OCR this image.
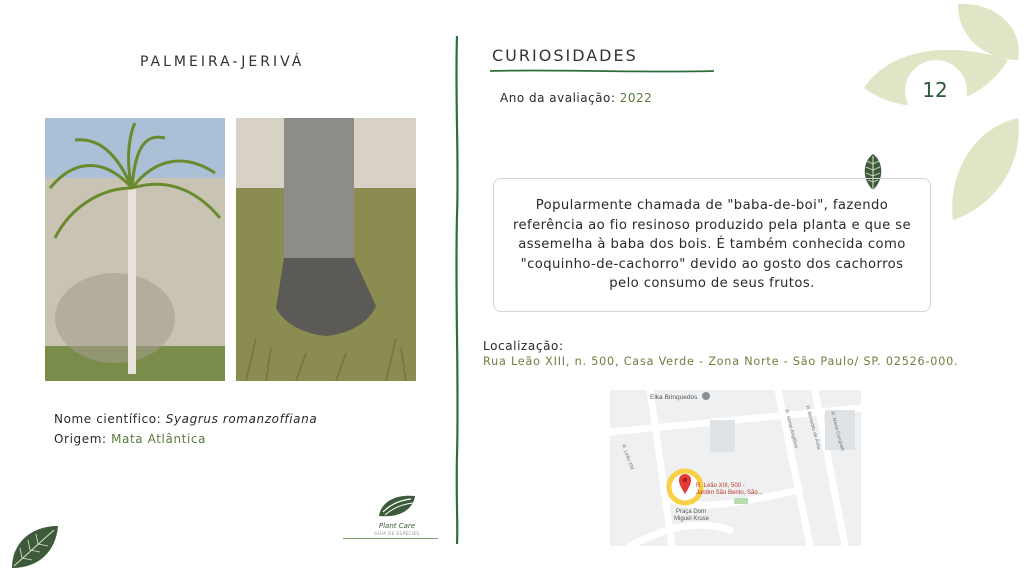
12
PALMEIRA-JERIVÁ
Nome científico: Syagrus romanzoffiana
Origem: Mata Atlântica
Plant Care
GUIA DE ESPÉCIES
CURIOSIDADES
Ano da avaliação: 2022
Popularmente chamada de "baba-de-boi", fazendo referência ao fio resinoso produzido pela planta e que se assemelha à baba dos bois. É também conhecida como "coquinho-de-cachorro" devido ao gosto dos cachorros pelo consumo de seus frutos.
Localização:
Rua Leão XIII, n. 500, Casa Verde - Zona Norte - São Paulo/ SP. 02526-000.
Elka Brinquedos
R. Leão XIII
R. Senai Angélica R. Benedito de Ávila R. Maria Curupaiti
R. Leão XIII, 500 -
Jardim São Bento, São...
Praça Dom
Miguel Kruse
